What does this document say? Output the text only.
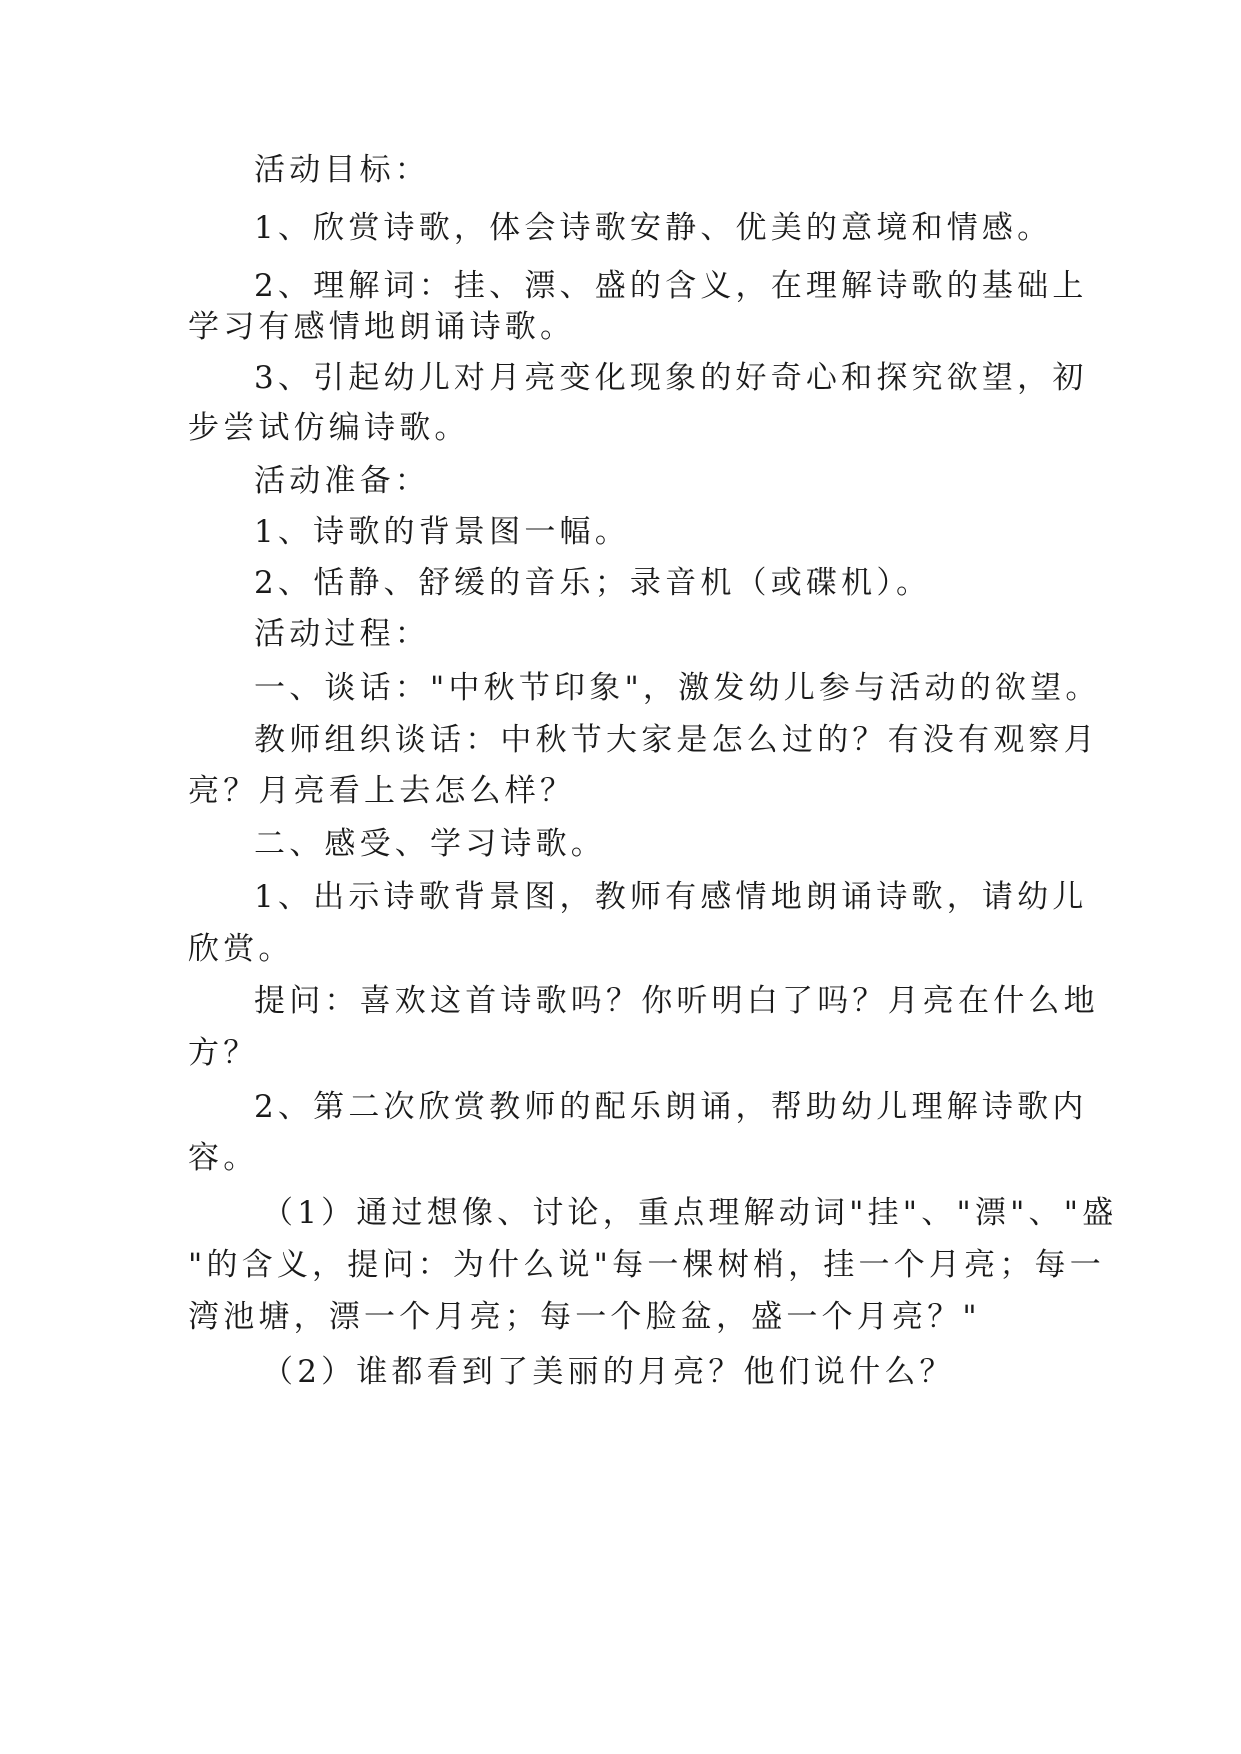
活动目标：
1、欣赏诗歌，体会诗歌安静、优美的意境和情感。
2、理解词：挂、漂、盛的含义，在理解诗歌的基础上
学习有感情地朗诵诗歌。
3、引起幼儿对月亮变化现象的好奇心和探究欲望，初
步尝试仿编诗歌。
活动准备：
1、诗歌的背景图一幅。
2、恬静、舒缓的音乐；录音机（或碟机）。
活动过程：
一、谈话："中秋节印象"，激发幼儿参与活动的欲望。
教师组织谈话：中秋节大家是怎么过的？有没有观察月
亮？月亮看上去怎么样？
二、感受、学习诗歌。
1、出示诗歌背景图，教师有感情地朗诵诗歌，请幼儿
欣赏。
提问：喜欢这首诗歌吗？你听明白了吗？月亮在什么地
方？
2、第二次欣赏教师的配乐朗诵，帮助幼儿理解诗歌内
容。
（1）通过想像、讨论，重点理解动词"挂"、"漂"、"盛
"的含义，提问：为什么说"每一棵树梢，挂一个月亮；每一
湾池塘，漂一个月亮；每一个脸盆，盛一个月亮？"
（2）谁都看到了美丽的月亮？他们说什么？
